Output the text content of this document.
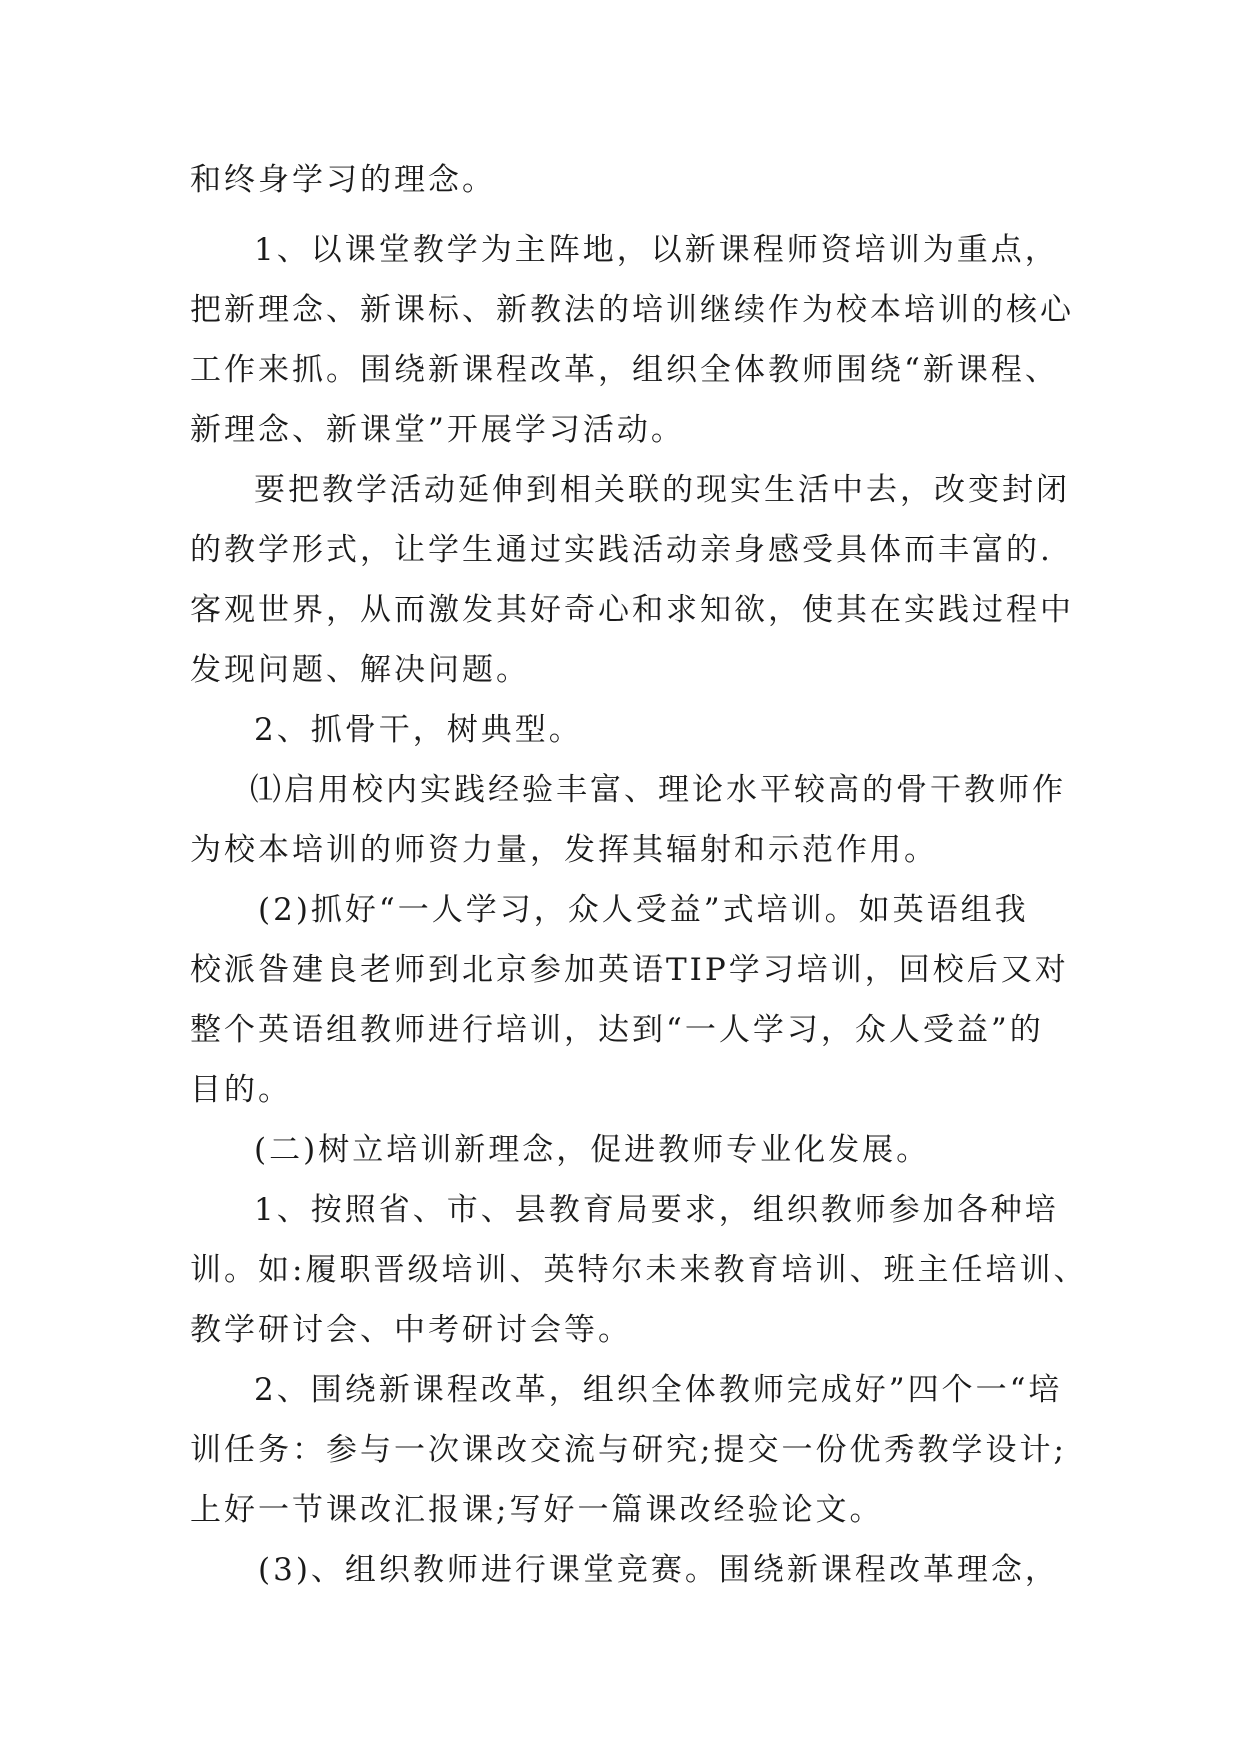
和终身学习的理念。
1、以课堂教学为主阵地，以新课程师资培训为重点，
把新理念、新课标、新教法的培训继续作为校本培训的核心
工作来抓。围绕新课程改革，组织全体教师围绕“新课程、
新理念、新课堂”开展学习活动。
要把教学活动延伸到相关联的现实生活中去，改变封闭
的教学形式，让学生通过实践活动亲身感受具体而丰富的.
客观世界，从而激发其好奇心和求知欲，使其在实践过程中
发现问题、解决问题。
2、抓骨干，树典型。
⑴启用校内实践经验丰富、理论水平较高的骨干教师作
为校本培训的师资力量，发挥其辐射和示范作用。
(2)抓好“一人学习，众人受益”式培训。如英语组我
校派昝建良老师到北京参加英语TIP学习培训，回校后又对
整个英语组教师进行培训，达到“一人学习，众人受益”的
目的。
(二)树立培训新理念，促进教师专业化发展。
1、按照省、市、县教育局要求，组织教师参加各种培
训。如:履职晋级培训、英特尔未来教育培训、班主任培训、
教学研讨会、中考研讨会等。
2、围绕新课程改革，组织全体教师完成好”四个一“培
训任务：参与一次课改交流与研究;提交一份优秀教学设计;
上好一节课改汇报课;写好一篇课改经验论文。
(3)、组织教师进行课堂竞赛。围绕新课程改革理念，
